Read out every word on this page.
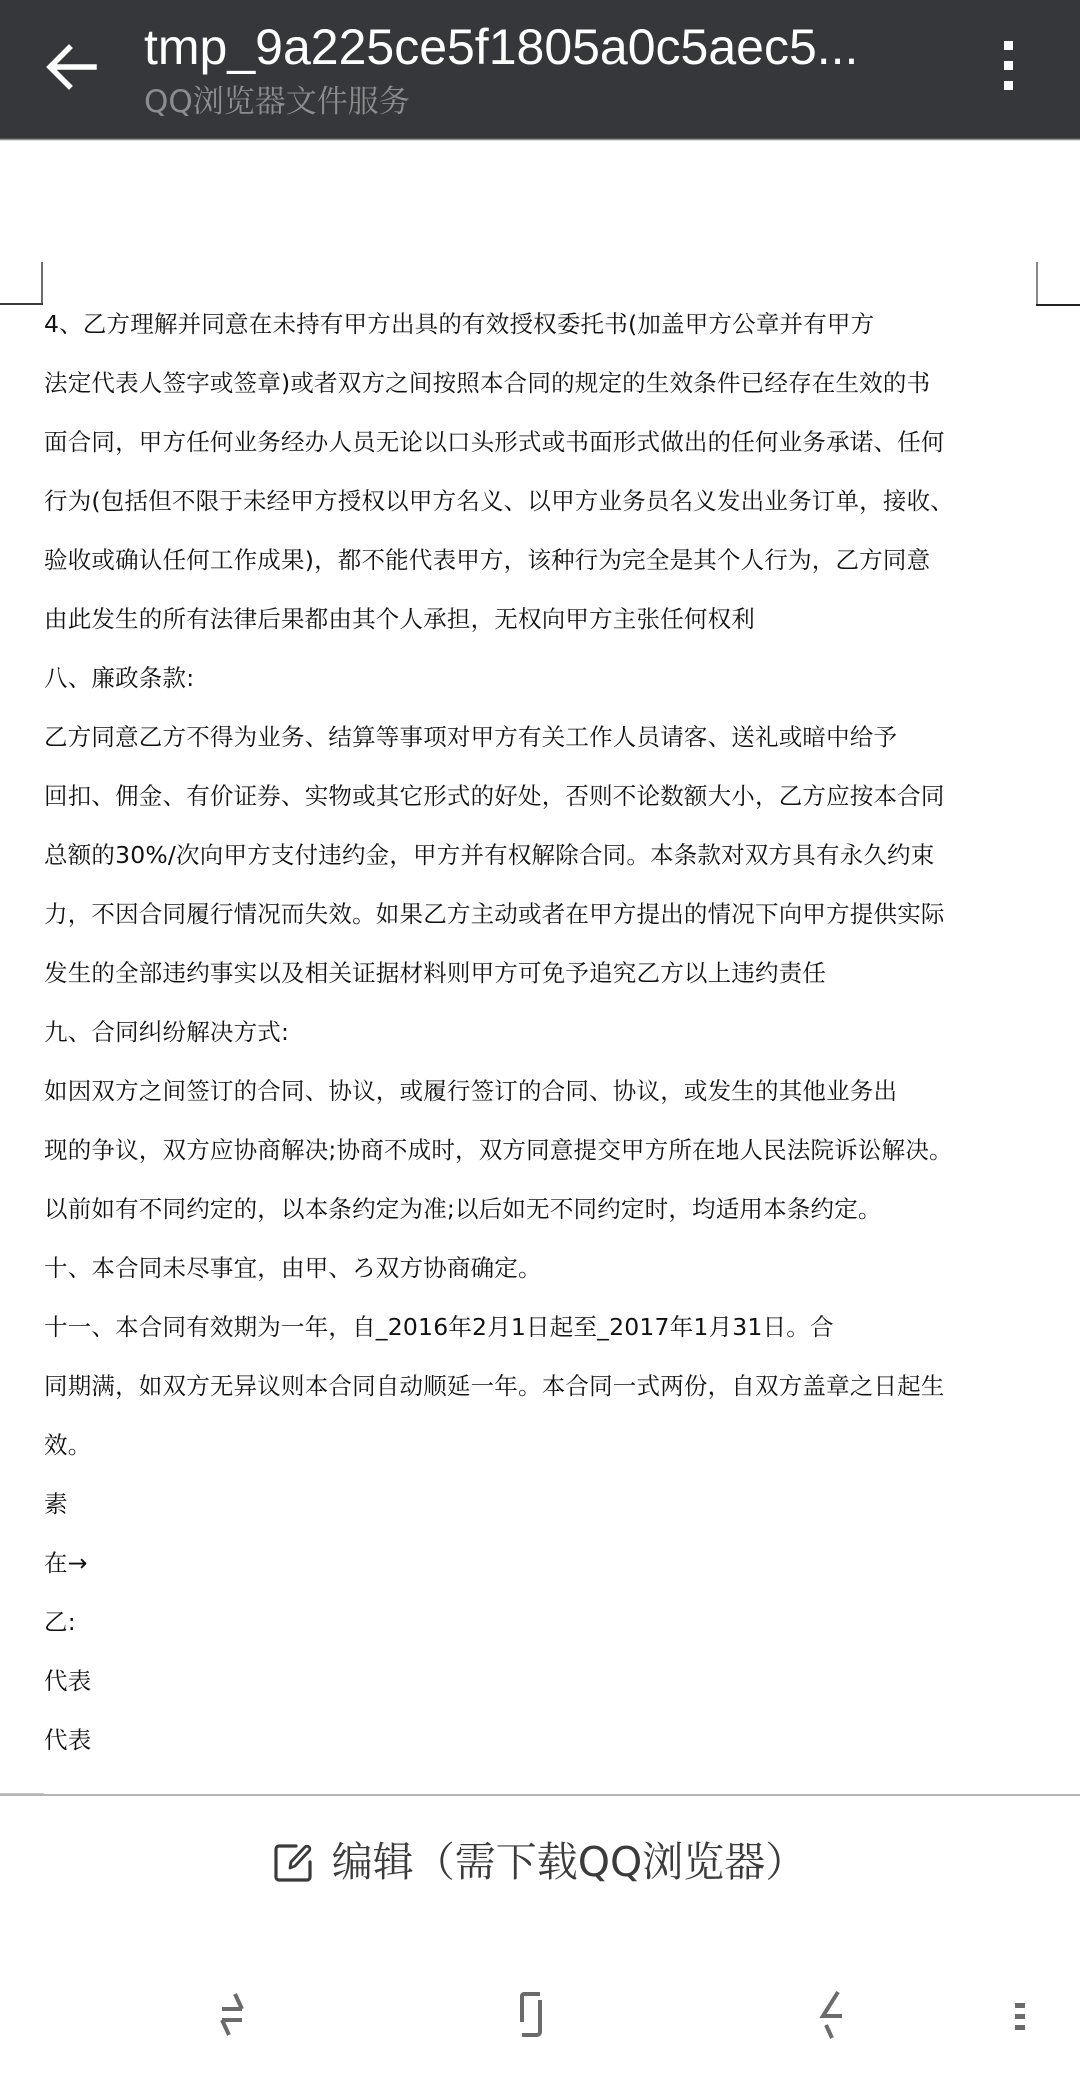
tmp_9a225ce5f1805a0c5aec5...
QQ浏览器文件服务
4、乙方理解并同意在未持有甲方出具的有效授权委托书(加盖甲方公章并有甲方
法定代表人签字或签章)或者双方之间按照本合同的规定的生效条件已经存在生效的书
面合同，甲方任何业务经办人员无论以口头形式或书面形式做出的任何业务承诺、任何
行为(包括但不限于未经甲方授权以甲方名义、以甲方业务员名义发出业务订单，接收、
验收或确认任何工作成果)，都不能代表甲方，该种行为完全是其个人行为，乙方同意
由此发生的所有法律后果都由其个人承担，无权向甲方主张任何权利
八、廉政条款:
乙方同意乙方不得为业务、结算等事项对甲方有关工作人员请客、送礼或暗中给予
回扣、佣金、有价证券、实物或其它形式的好处，否则不论数额大小，乙方应按本合同
总额的30%/次向甲方支付违约金，甲方并有权解除合同。本条款对双方具有永久约束
力，不因合同履行情况而失效。如果乙方主动或者在甲方提出的情况下向甲方提供实际
发生的全部违约事实以及相关证据材料则甲方可免予追究乙方以上违约责任
九、合同纠纷解决方式:
如因双方之间签订的合同、协议，或履行签订的合同、协议，或发生的其他业务出
现的争议，双方应协商解决;协商不成时，双方同意提交甲方所在地人民法院诉讼解决。
以前如有不同约定的，以本条约定为准;以后如无不同约定时，均适用本条约定。
十、本合同未尽事宜，由甲、ろ双方协商确定。
十一、本合同有效期为一年，自_2016年2月1日起至_2017年1月31日。合
同期满，如双方无异议则本合同自动顺延一年。本合同一式两份，自双方盖章之日起生
效。
素
在→
乙:
代表
代表
编辑（需下载QQ浏览器）
